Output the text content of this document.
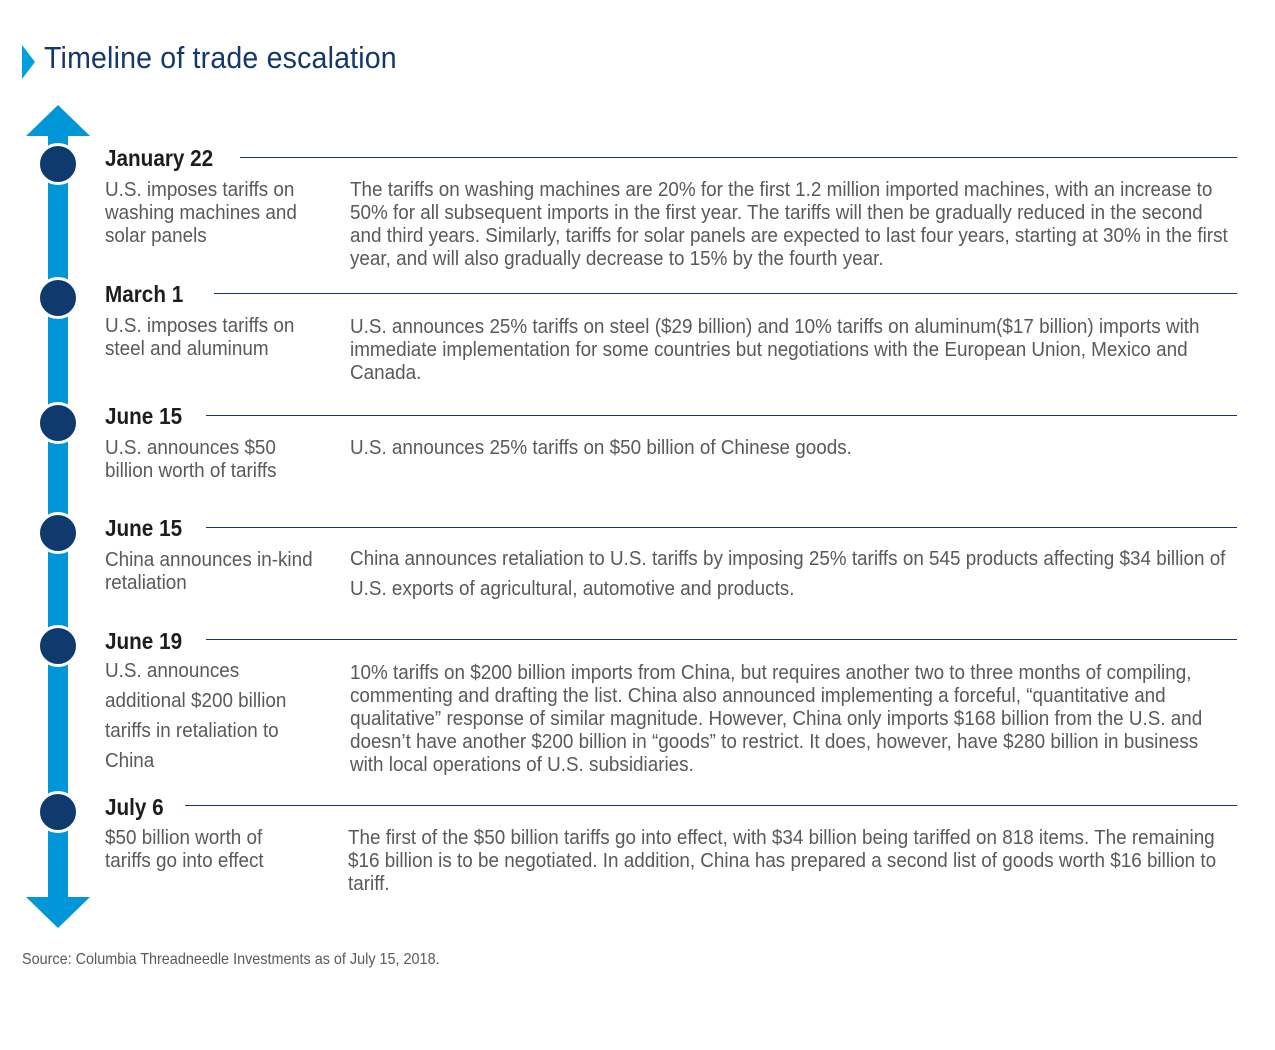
Timeline of trade escalation
January 22
U.S. imposes tariffs on washing machines and solar panels
The tariffs on washing machines are 20% for the first 1.2 million imported machines, with an increase to 50% for all subsequent imports in the first year. The tariffs will then be gradually reduced in the second and third years. Similarly, tariffs for solar panels are expected to last four years, starting at 30% in the first year, and will also gradually decrease to 15% by the fourth year.
March 1
U.S. imposes tariffs on steel and aluminum
U.S. announces 25% tariffs on steel ($29 billion) and 10% tariffs on aluminum($17 billion) imports with immediate implementation for some countries but negotiations with the European Union, Mexico and Canada.
June 15
U.S. announces $50 billion worth of tariffs
U.S. announces 25% tariffs on $50 billion of Chinese goods.
June 15
China announces in-kind retaliation
China announces retaliation to U.S. tariffs by imposing 25% tariffs on 545 products affecting $34 billion of U.S. exports of agricultural, automotive and products.
June 19
U.S. announces additional $200 billion tariffs in retaliation to China
10% tariffs on $200 billion imports from China, but requires another two to three months of compiling, commenting and drafting the list. China also announced implementing a forceful, “quantitative and qualitative” response of similar magnitude. However, China only imports $168 billion from the U.S. and doesn’t have another $200 billion in “goods” to restrict. It does, however, have $280 billion in business with local operations of U.S. subsidiaries.
July 6
$50 billion worth of tariffs go into effect
The first of the $50 billion tariffs go into effect, with $34 billion being tariffed on 818 items. The remaining $16 billion is to be negotiated. In addition, China has prepared a second list of goods worth $16 billion to tariff.
Source: Columbia Threadneedle Investments as of July 15, 2018.
